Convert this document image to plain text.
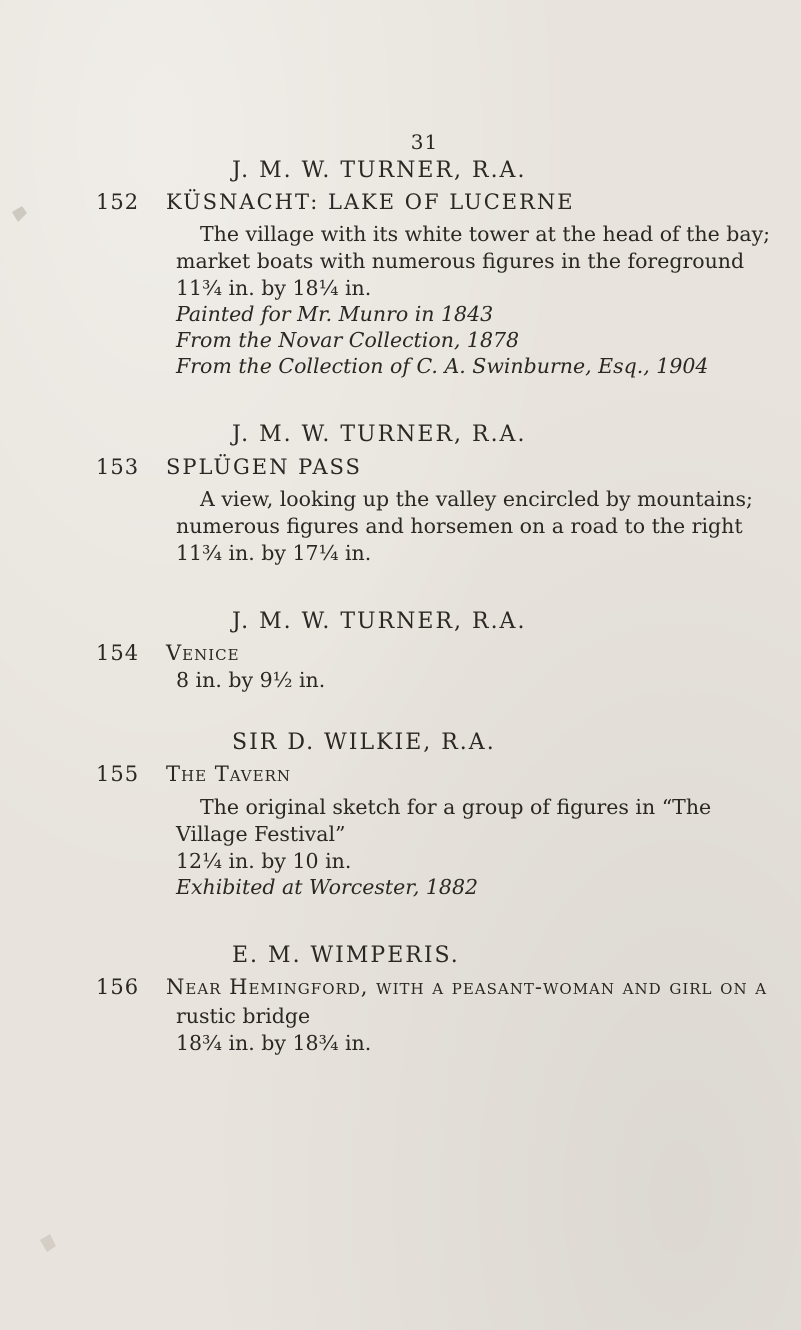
31
J. M. W. TURNER, R.A.
152 KÜSNACHT: LAKE OF LUCERNE
The village with its white tower at the head of the bay;
market boats with numerous figures in the foreground
11¾ in. by 18¼ in.
Painted for Mr. Munro in 1843
From the Novar Collection, 1878
From the Collection of C. A. Swinburne, Esq., 1904
J. M. W. TURNER, R.A.
153 SPLÜGEN PASS
A view, looking up the valley encircled by mountains;
numerous figures and horsemen on a road to the right
11¾ in. by 17¼ in.
J. M. W. TURNER, R.A.
154 Venice
8 in. by 9½ in.
SIR D. WILKIE, R.A.
155 The Tavern
The original sketch for a group of figures in “The
Village Festival”
12¼ in. by 10 in.
Exhibited at Worcester, 1882
E. M. WIMPERIS.
156 Near Hemingford, with a peasant-woman and girl on a
rustic bridge
18¾ in. by 18¾ in.
